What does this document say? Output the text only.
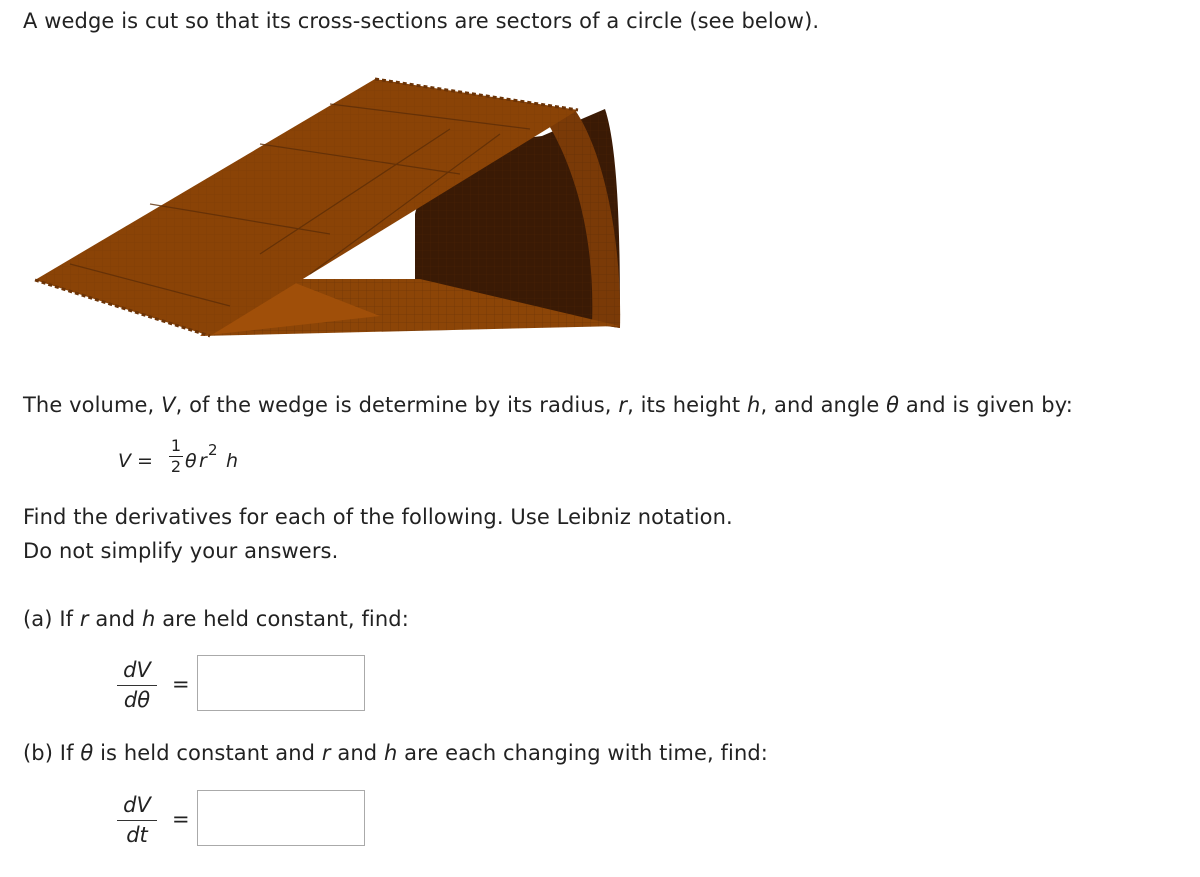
A wedge is cut so that its cross-sections are sectors of a circle (see below).
The volume, V, of the wedge is determine by its radius, r, its height h, and angle θ and is given by:
V =
1
2 θ r 2 h
Find the derivatives for each of the following. Use Leibniz notation.
Do not simplify your answers.
(a) If r and h are held constant, find:
dV
dθ
=
(b) If θ is held constant and r and h are each changing with time, find:
dV
dt
=
